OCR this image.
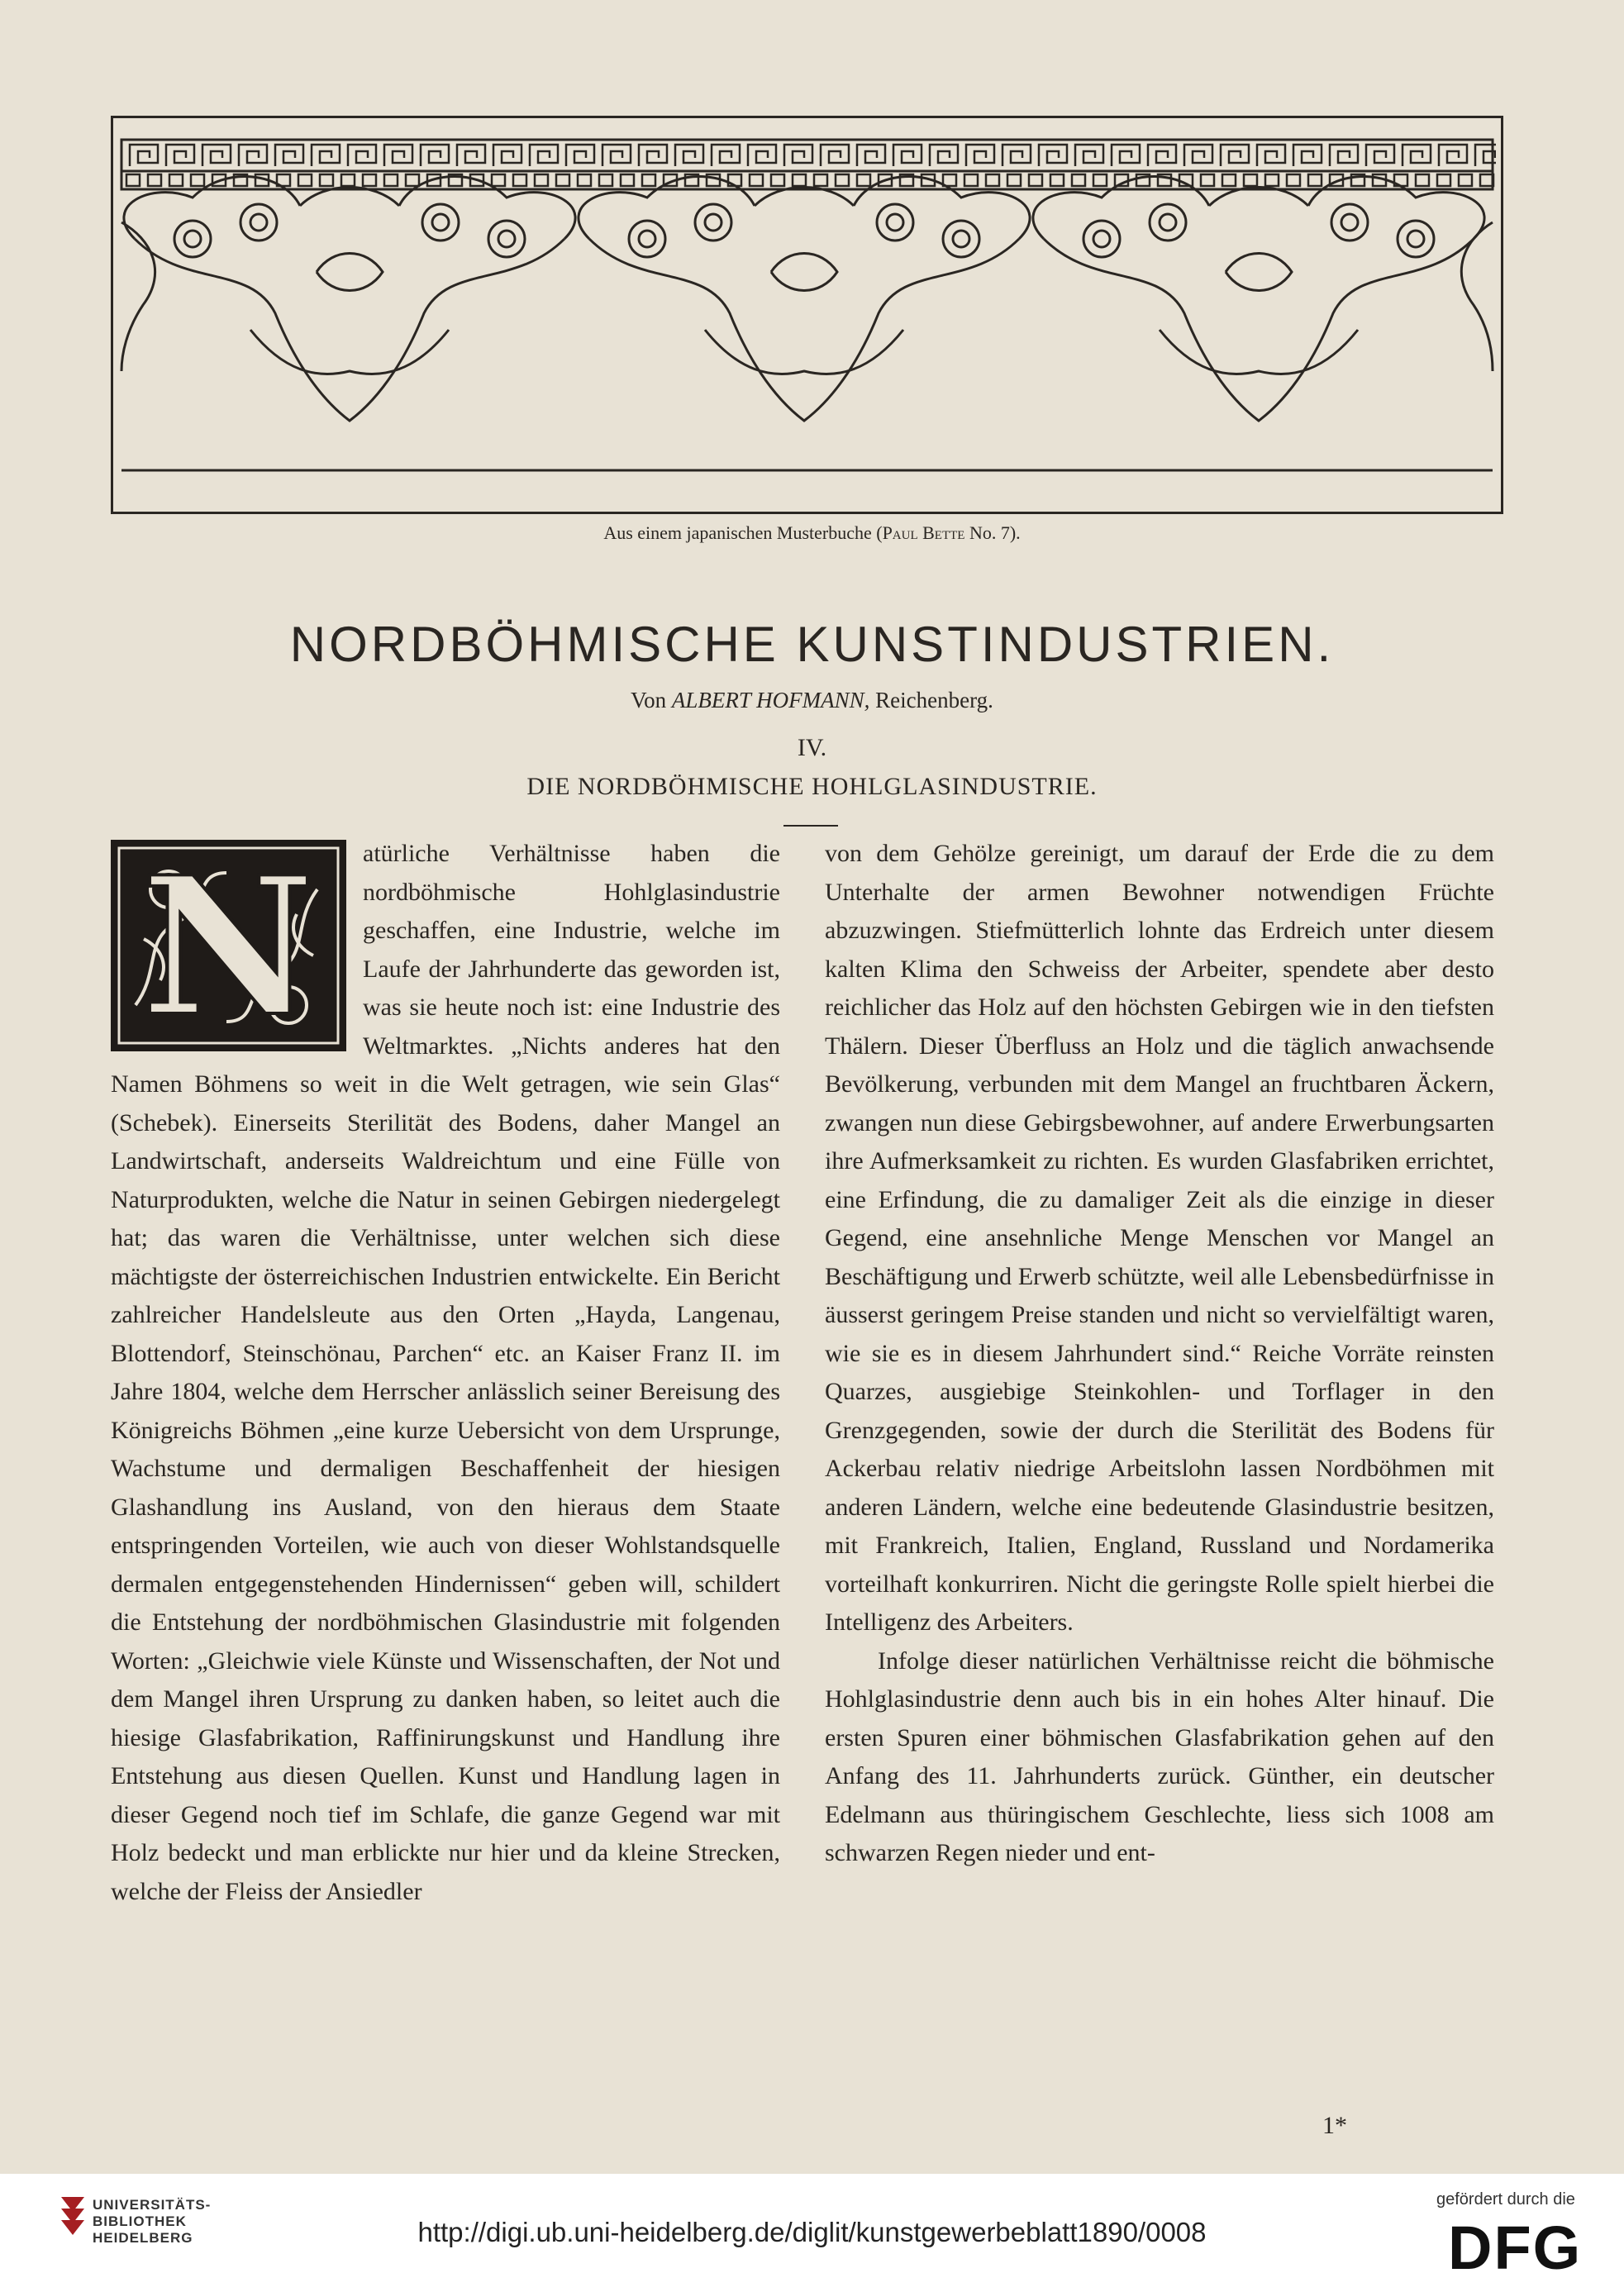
Aus einem japanischen Musterbuche (Paul Bette No. 7).
NORDBÖHMISCHE KUNSTINDUSTRIEN.
Von ALBERT HOFMANN, Reichenberg.
IV.
DIE NORDBÖHMISCHE HOHLGLASINDUSTRIE.
N	atürliche Verhältnisse haben die nordböhmische Hohlglasindustrie geschaffen, eine Industrie, welche im Laufe der Jahrhunderte das geworden ist, was sie heute noch ist: eine Industrie des Weltmarktes. „Nichts anderes hat den Namen Böhmens so weit in die Welt getragen, wie sein Glas“ (Schebek). Einerseits Sterilität des Bodens, daher Mangel an Landwirtschaft, anderseits Waldreichtum und eine Fülle von Naturprodukten, welche die Natur in seinen Gebirgen niedergelegt hat; das waren die Verhältnisse, unter welchen sich diese mächtigste der österreichischen Industrien entwickelte. Ein Bericht zahlreicher Handelsleute aus den Orten „Hayda, Langenau, Blottendorf, Steinschönau, Parchen“ etc. an Kaiser Franz II. im Jahre 1804, welche dem Herrscher anlässlich seiner Bereisung des Königreichs Böhmen „eine kurze Uebersicht von dem Ursprunge, Wachstume und dermaligen Beschaffenheit der hiesigen Glashandlung ins Ausland, von den hieraus dem Staate entspringenden Vorteilen, wie auch von dieser Wohlstandsquelle dermalen entgegenstehenden Hindernissen“ geben will, schildert die Entstehung der nordböhmischen Glasindustrie mit folgenden Worten: „Gleichwie viele Künste und Wissenschaften, der Not und dem Mangel ihren Ursprung zu danken haben, so leitet auch die hiesige Glasfabrikation, Raffinirungskunst und Handlung ihre Entstehung aus diesen Quellen. Kunst und Handlung lagen in dieser Gegend noch tief im Schlafe, die ganze Gegend war mit Holz bedeckt und man erblickte nur hier und da kleine Strecken, welche der Fleiss der Ansiedler

von dem Gehölze gereinigt, um darauf der Erde die zu dem Unterhalte der armen Bewohner notwendigen Früchte abzuzwingen. Stiefmütterlich lohnte das Erdreich unter diesem kalten Klima den Schweiss der Arbeiter, spendete aber desto reichlicher das Holz auf den höchsten Gebirgen wie in den tiefsten Thälern. Dieser Überfluss an Holz und die täglich anwachsende Bevölkerung, verbunden mit dem Mangel an fruchtbaren Äckern, zwangen nun diese Gebirgsbewohner, auf andere Erwerbungsarten ihre Aufmerksamkeit zu richten. Es wurden Glasfabriken errichtet, eine Erfindung, die zu damaliger Zeit als die einzige in dieser Gegend, eine ansehnliche Menge Menschen vor Mangel an Beschäftigung und Erwerb schützte, weil alle Lebensbedürfnisse in äusserst geringem Preise standen und nicht so vervielfältigt waren, wie sie es in diesem Jahrhundert sind.“ Reiche Vorräte reinsten Quarzes, ausgiebige Steinkohlen- und Torflager in den Grenzgegenden, sowie der durch die Sterilität des Bodens für Ackerbau relativ niedrige Arbeitslohn lassen Nordböhmen mit anderen Ländern, welche eine bedeutende Glasindustrie besitzen, mit Frankreich, Italien, England, Russland und Nordamerika vorteilhaft konkurriren. Nicht die geringste Rolle spielt hierbei die Intelligenz des Arbeiters.

Infolge dieser natürlichen Verhältnisse reicht die böhmische Hohlglasindustrie denn auch bis in ein hohes Alter hinauf. Die ersten Spuren einer böhmischen Glasfabrikation gehen auf den Anfang des 11. Jahrhunderts zurück. Günther, ein deutscher Edelmann aus thüringischem Geschlechte, liess sich 1008 am schwarzen Regen nieder und ent-

1*
UNIVERSITÄTS-
BIBLIOTHEK
HEIDELBERG	http://digi.ub.uni-heidelberg.de/diglit/kunstgewerbeblatt1890/0008
gefördert durch die
DFG
